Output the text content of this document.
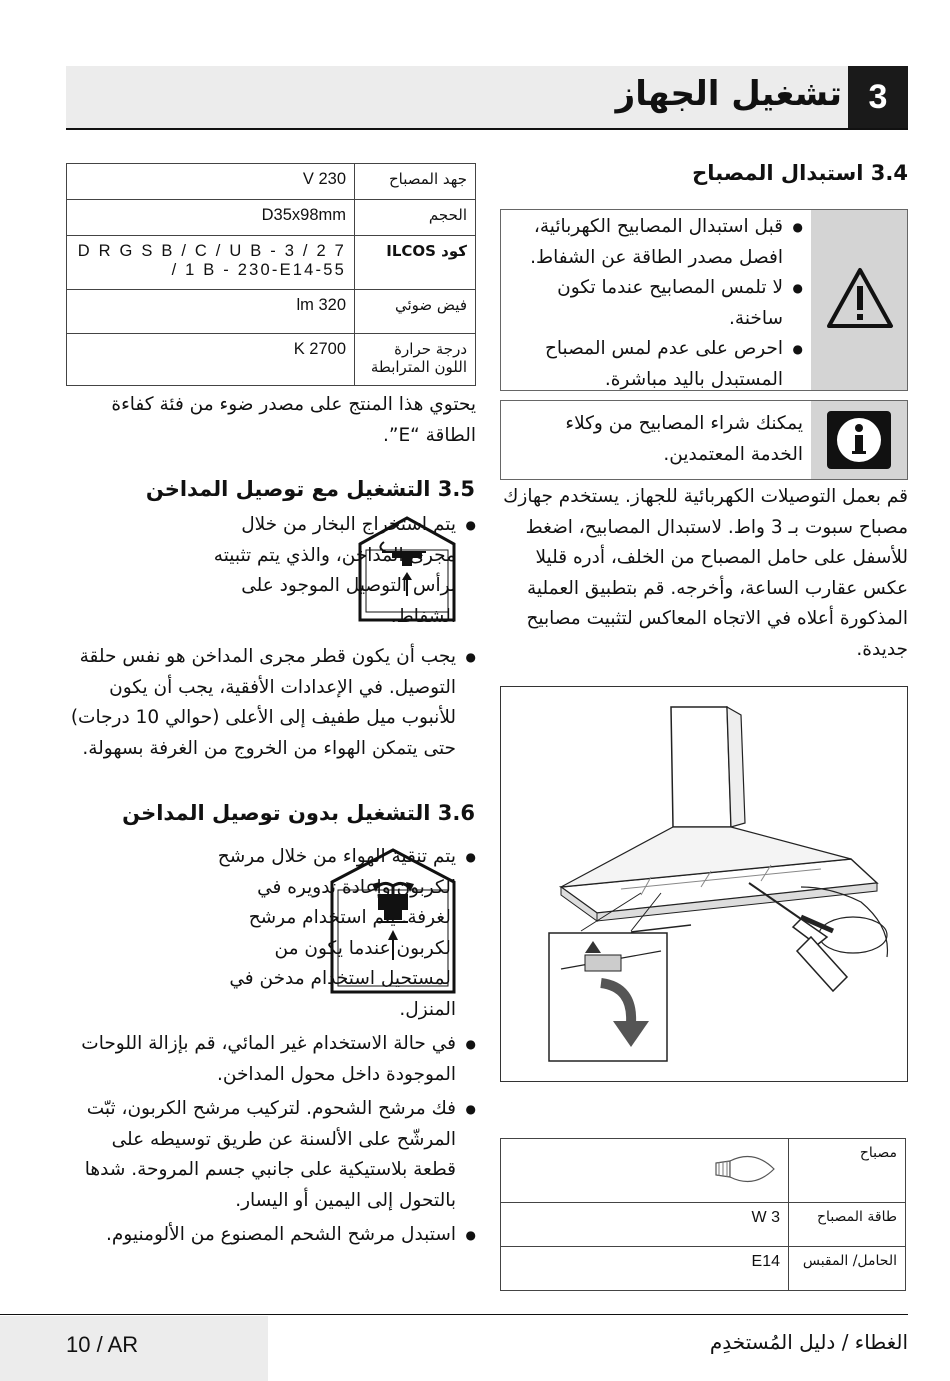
3
تشغيل الجهاز
جهد المصباح	V 230
الحجم	D35x98mm
كود ILCOS	D R G S B / C / U B - 3 / 2 7 / 1 B - 230-E14-55
فيض ضوئي	lm 320
درجة حرارة اللون المترابطة	K 2700
يحتوي هذا المنتج على مصدر ضوء من فئة كفاءة الطاقة “E”.
3.5 التشغيل مع توصيل المداخن
● يتم استخراج البخار من خلال مجرى المداخن، والذي يتم تثبيته برأس التوصيل الموجود على الشفاط.
● يجب أن يكون قطر مجرى المداخن هو نفس حلقة التوصيل. في الإعدادات الأفقية، يجب أن يكون للأنبوب ميل طفيف إلى الأعلى (حوالي 10 درجات) حتى يتمكن الهواء من الخروج من الغرفة بسهولة.
3.6 التشغيل بدون توصيل المداخن
● يتم تنقية الهواء من خلال مرشح الكربون وإعادة تدويره في الغرفة. يتم استخدام مرشح الكربون عندما يكون من المستحيل استخدام مدخن في المنزل.
● في حالة الاستخدام غير المائي، قم بإزالة اللوحات الموجودة داخل محول المداخن.
● فك مرشح الشحوم. لتركيب مرشح الكربون، ثبّت المرشّح على الألسنة عن طريق توسيطه على قطعة بلاستيكية على جانبي جسم المروحة. شدها بالتحول إلى اليمين أو اليسار.
● استبدل مرشح الشحم المصنوع من الألومنيوم.
3.4 استبدال المصباح
● قبل استبدال المصابيح الكهربائية، افصل مصدر الطاقة عن الشفاط.
● لا تلمس المصابيح عندما تكون ساخنة.
● احرص على عدم لمس المصباح المستبدل باليد مباشرة.
يمكنك شراء المصابيح من وكلاء الخدمة المعتمدين.
قم بعمل التوصيلات الكهربائية للجهاز. يستخدم جهازك مصباح سبوت بـ 3 واط. لاستبدال المصابيح، اضغط للأسفل على حامل المصباح من الخلف، أدره قليلا عكس عقارب الساعة، وأخرجه. قم بتطبيق العملية المذكورة أعلاه في الاتجاه المعاكس لتثبيت مصابيح جديدة.
مصباح	

طاقة المصباح	W 3
الحامل/ المقبس	E14
10 / AR	الغطاء / دليل المُستخدِم
